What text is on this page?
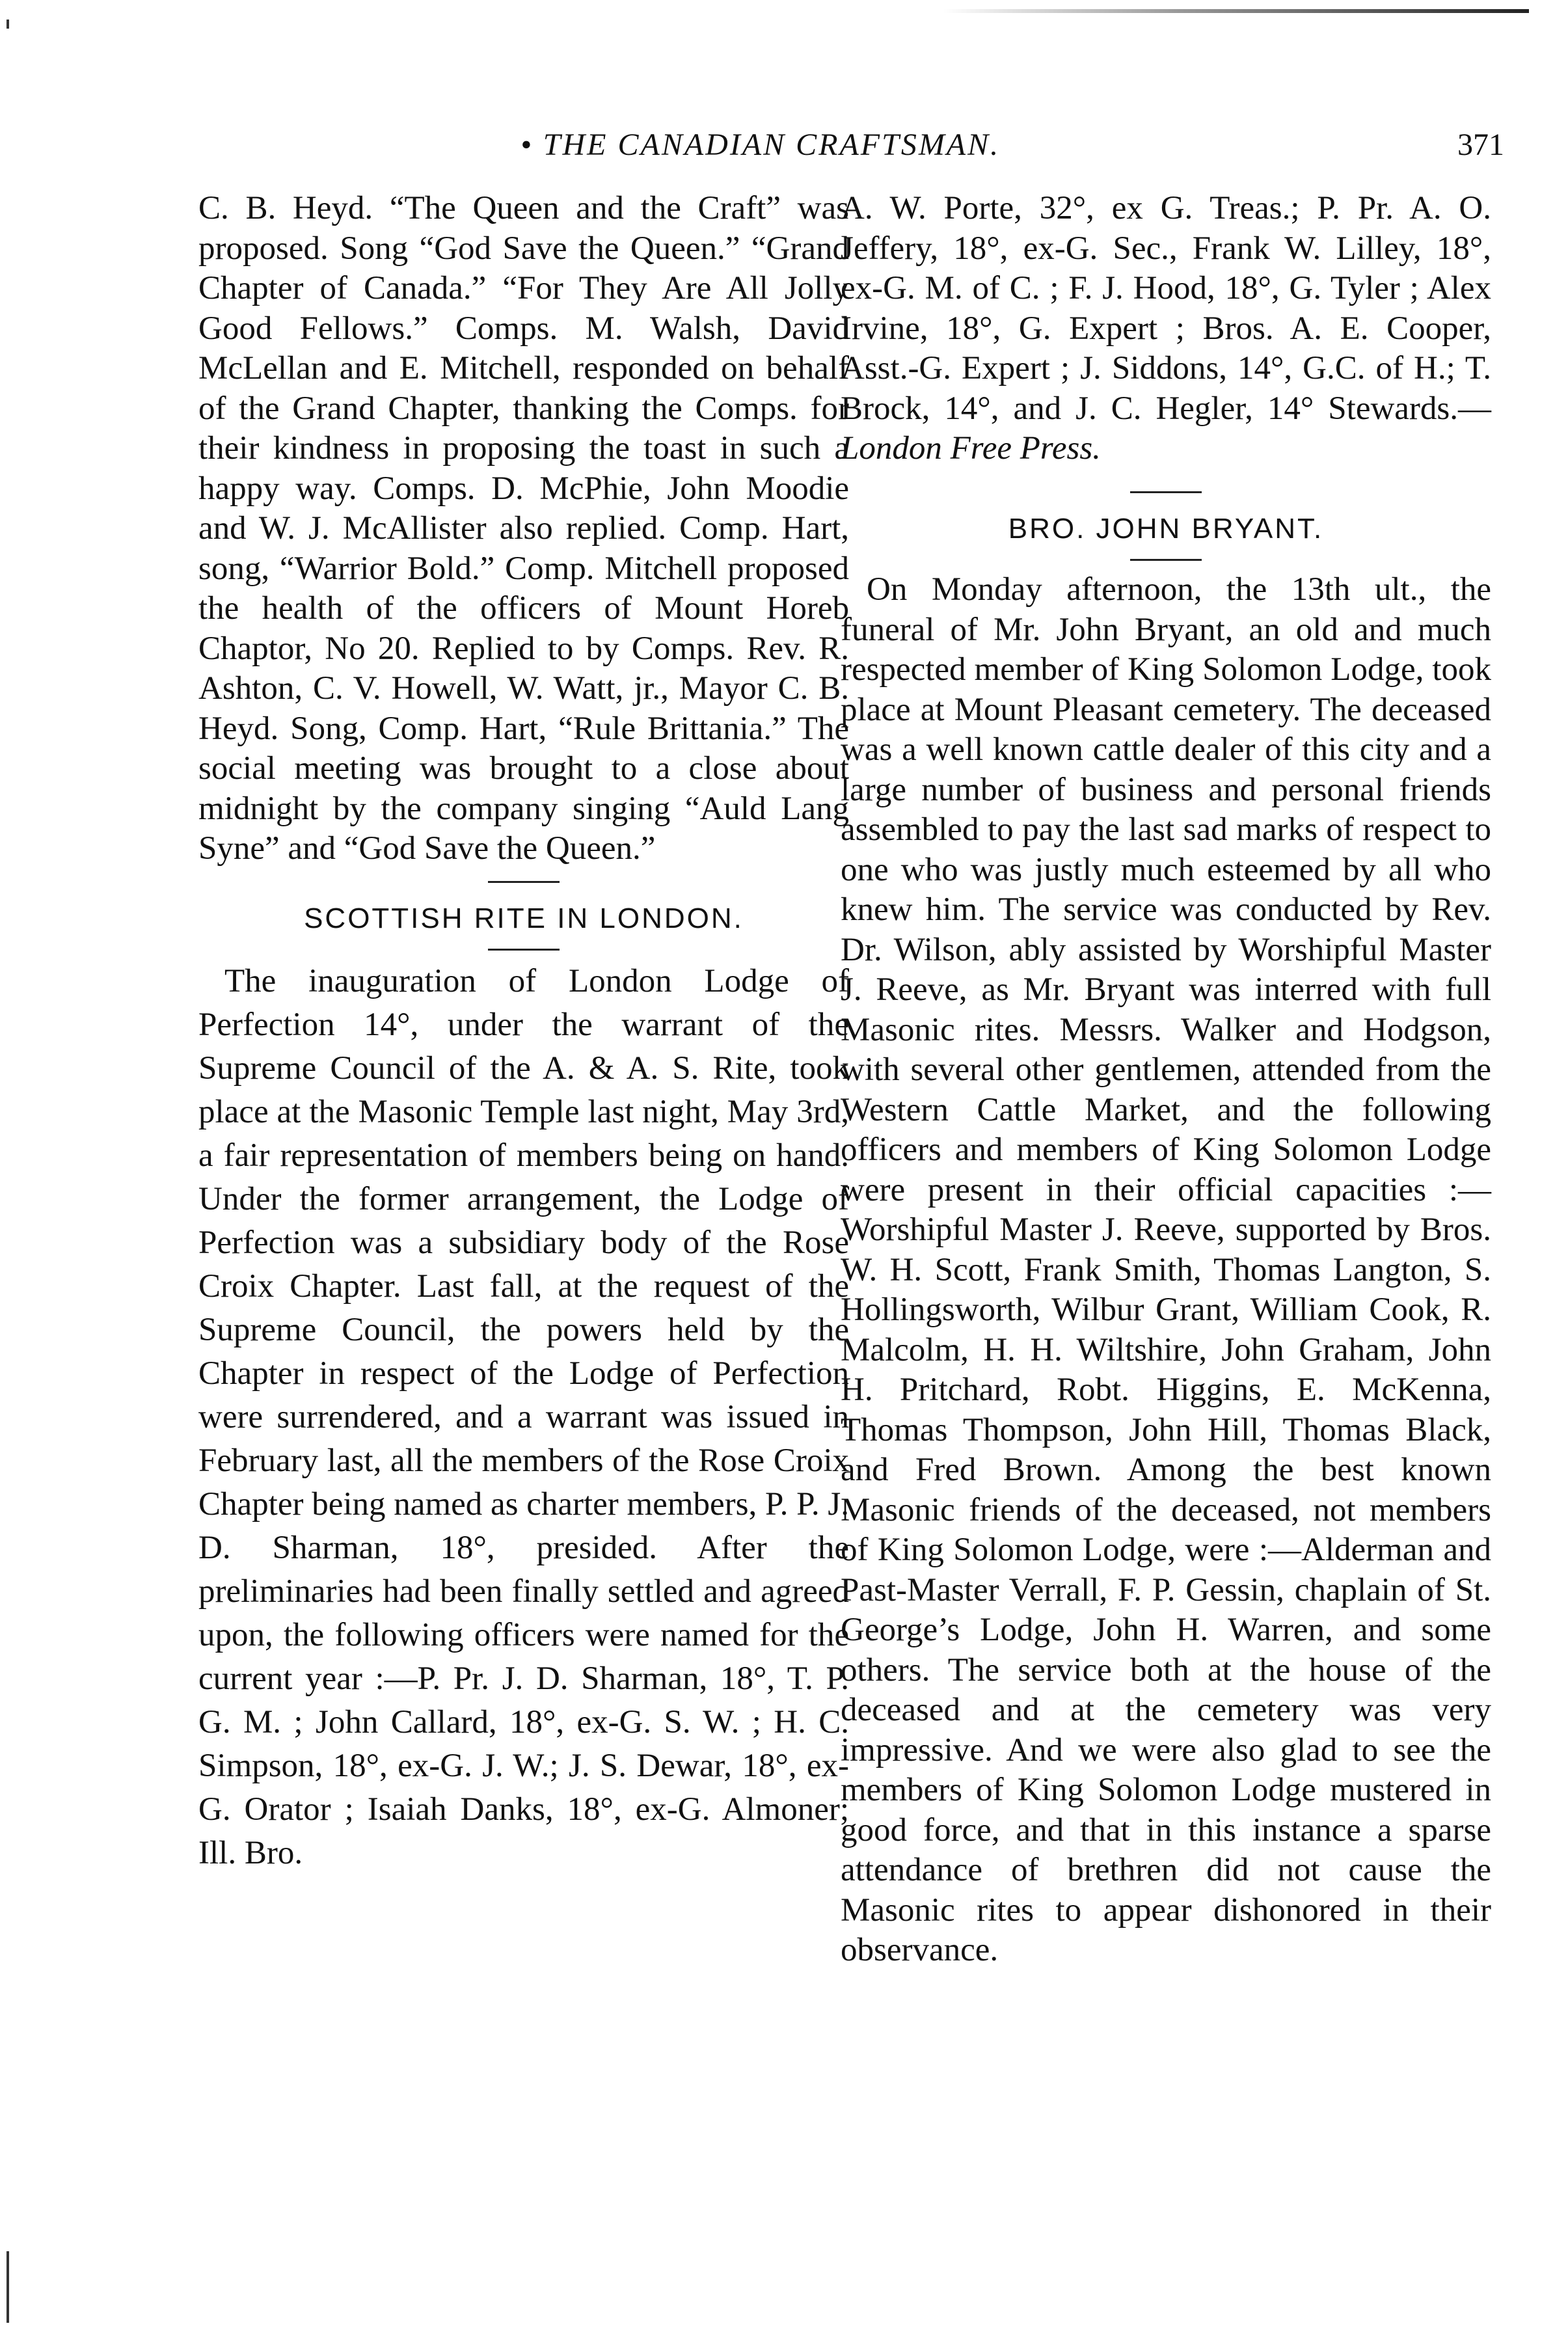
• THE CANADIAN CRAFTSMAN.	371

C. B. Heyd. “The Queen and the Craft” was proposed. Song “God Save the Queen.” “Grand Chapter of Canada.” “For They Are All Jolly Good Fellows.” Comps. M. Walsh, David McLellan and E. Mitchell, responded on behalf of the Grand Chapter, thanking the Comps. for their kindness in proposing the toast in such a happy way. Comps. D. McPhie, John Moodie and W. J. McAllister also replied. Comp. Hart, song, “Warrior Bold.” Comp. Mitchell proposed the health of the officers of Mount Horeb Chaptor, No 20. Replied to by Comps. Rev. R. Ashton, C. V. Howell, W. Watt, jr., Mayor C. B. Heyd. Song, Comp. Hart, “Rule Brittania.” The social meeting was brought to a close about midnight by the company singing “Auld Lang Syne” and “God Save the Queen.”

SCOTTISH RITE IN LONDON.

The inauguration of London Lodge of Perfection 14°, under the warrant of the Supreme Council of the A. & A. S. Rite, took place at the Masonic Temple last night, May 3rd, a fair representation of members being on hand. Under the former arrangement, the Lodge of Perfection was a subsidiary body of the Rose Croix Chapter. Last fall, at the request of the Supreme Council, the powers held by the Chapter in respect of the Lodge of Perfection were surrendered, and a warrant was issued in February last, all the members of the Rose Croix Chapter being named as charter members, P. P. J. D. Sharman, 18°, presided. After the preliminaries had been finally settled and agreed upon, the following officers were named for the current year :—P. Pr. J. D. Sharman, 18°, T. P. G. M. ; John Callard, 18°, ex-G. S. W. ; H. C. Simpson, 18°, ex-G. J. W.; J. S. Dewar, 18°, ex-G. Orator ; Isaiah Danks, 18°, ex-G. Almoner; Ill. Bro.

A. W. Porte, 32°, ex G. Treas.; P. Pr. A. O. Jeffery, 18°, ex-G. Sec., Frank W. Lilley, 18°, ex-G. M. of C. ; F. J. Hood, 18°, G. Tyler ; Alex Irvine, 18°, G. Expert ; Bros. A. E. Cooper, Asst.-G. Expert ; J. Siddons, 14°, G.C. of H.; T. Brock, 14°, and J. C. Hegler, 14° Stewards.—London Free Press.

BRO. JOHN BRYANT.

On Monday afternoon, the 13th ult., the funeral of Mr. John Bryant, an old and much respected member of King Solomon Lodge, took place at Mount Pleasant cemetery. The deceased was a well known cattle dealer of this city and a large number of business and personal friends assembled to pay the last sad marks of respect to one who was justly much esteemed by all who knew him. The service was conducted by Rev. Dr. Wilson, ably assisted by Worshipful Master J. Reeve, as Mr. Bryant was interred with full Masonic rites. Messrs. Walker and Hodgson, with several other gentlemen, attended from the Western Cattle Market, and the following officers and members of King Solomon Lodge were present in their official capacities :—Worshipful Master J. Reeve, supported by Bros. W. H. Scott, Frank Smith, Thomas Langton, S. Hollingsworth, Wilbur Grant, William Cook, R. Malcolm, H. H. Wiltshire, John Graham, John H. Pritchard, Robt. Higgins, E. McKenna, Thomas Thompson, John Hill, Thomas Black, and Fred Brown. Among the best known Masonic friends of the deceased, not members of King Solomon Lodge, were :—Alderman and Past-Master Verrall, F. P. Gessin, chaplain of St. George’s Lodge, John H. Warren, and some others. The service both at the house of the deceased and at the cemetery was very impressive. And we were also glad to see the members of King Solomon Lodge mustered in good force, and that in this instance a sparse attendance of brethren did not cause the Masonic rites to appear dishonored in their observance.
